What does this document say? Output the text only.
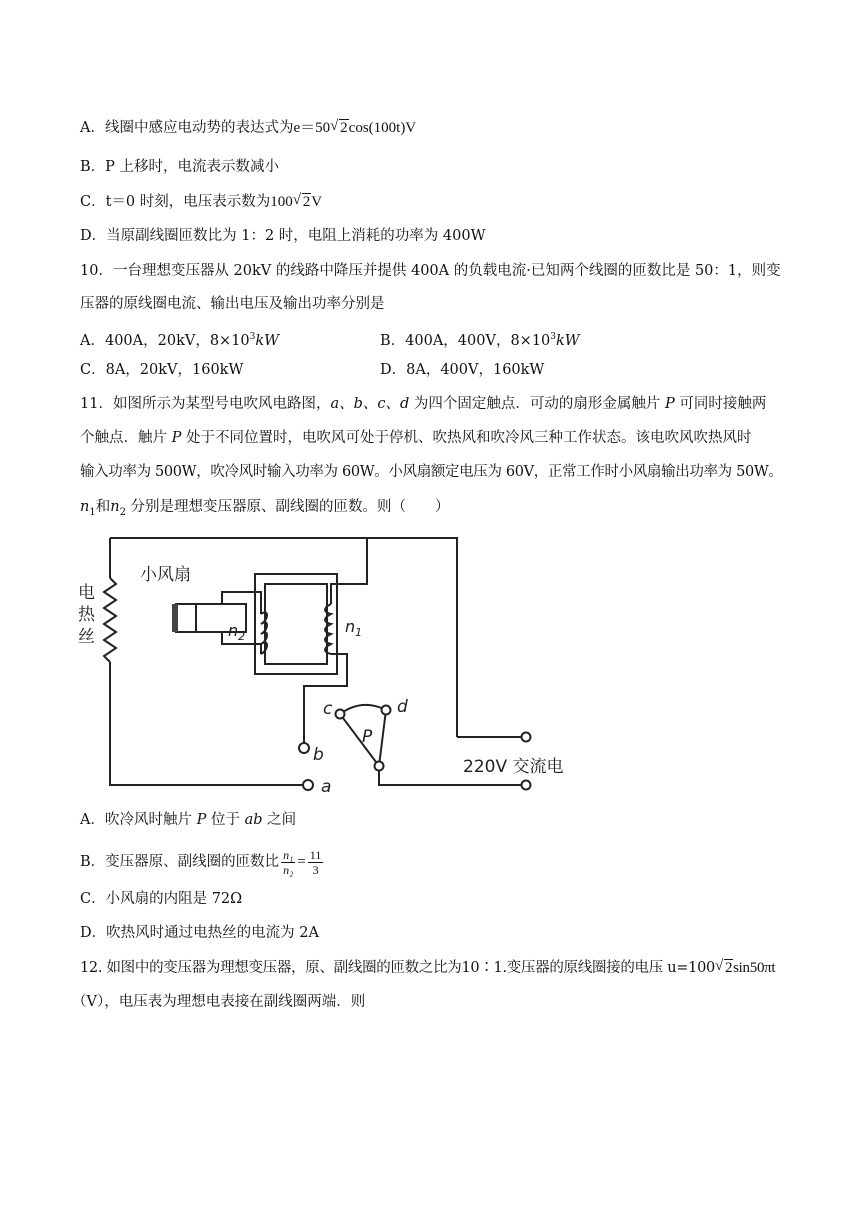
A．线圈中感应电动势的表达式为e＝50 √ 2cos(100t)V
B．P 上移时，电流表示数减小
C．t＝0 时刻，电压表示数为100 √ 2V
D．当原副线圈匝数比为 1：2 时，电阻上消耗的功率为 400W
10．一台理想变压器从 20kV 的线路中降压并提供 400A 的负载电流·已知两个线圈的匝数比是 50：1，则变
压器的原线圈电流、输出电压及输出功率分别是
A．400A，20kV，$8\times 10^3kW$	B．400A，400V，$8\times 10^3kW$
C．8A，20kV，160kW	D．8A，400V，160kW
11．如图所示为某型号电吹风电路图，a、b、c、d 为四个固定触点．可动的扇形金属触片 P 可同时接触两
个触点．触片 P 处于不同位置时，电吹风可处于停机、吹热风和吹冷风三种工作状态。该电吹风吹热风时
输入功率为 500W，吹冷风时输入功率为 60W。小风扇额定电压为 60V，正常工作时小风扇输出功率为 50W。
$n_1$和$n_2$ 分别是理想变压器原、副线圈的匝数。则（　　）
小风扇
电
热
丝	$n_2$
$n_1$
c	d
P
b
a
220V 交流电
A．吹冷风时触片 P 位于 ab 之间
B．变压器原、副线圈的匝数比 $\frac{\text{n₁}}{\text{n₂}} = \frac{11}{3}$
C．小风扇的内阻是 72Ω
D．吹热风时通过电热丝的电流为 2A
12. 如图中的变压器为理想变压器，原、副线圈的匝数之比为10∶1.变压器的原线圈接的电压 u=100 √ 2sin50πt
（V），电压表为理想电表接在副线圈两端．则
